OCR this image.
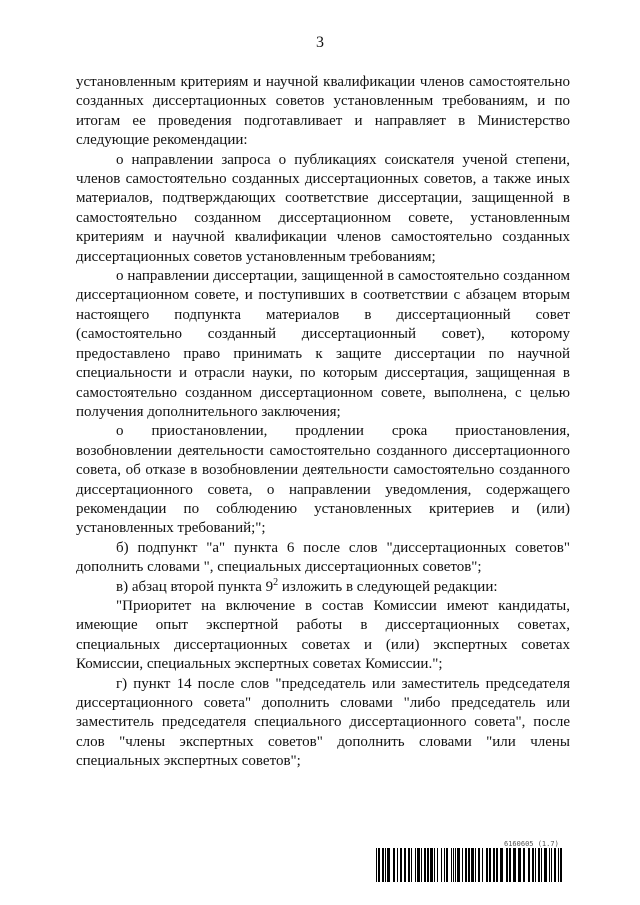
3

установленным критериям и научной квалификации членов самостоятельно созданных диссертационных советов установленным требованиям, и по итогам ее проведения подготавливает и направляет в Министерство следующие рекомендации:

о направлении запроса о публикациях соискателя ученой степени, членов самостоятельно созданных диссертационных советов, а также иных материалов, подтверждающих соответствие диссертации, защищенной в самостоятельно созданном диссертационном совете, установленным критериям и научной квалификации членов самостоятельно созданных диссертационных советов установленным требованиям;

о направлении диссертации, защищенной в самостоятельно созданном диссертационном совете, и поступивших в соответствии с абзацем вторым настоящего подпункта материалов в диссертационный совет (самостоятельно созданный диссертационный совет), которому предоставлено право принимать к защите диссертации по научной специальности и отрасли науки, по которым диссертация, защищенная в самостоятельно созданном диссертационном совете, выполнена, с целью получения дополнительного заключения;

о приостановлении, продлении срока приостановления, возобновлении деятельности самостоятельно созданного диссертационного совета, об отказе в возобновлении деятельности самостоятельно созданного диссертационного совета, о направлении уведомления, содержащего рекомендации по соблюдению установленных критериев и (или) установленных требований;";

б) подпункт "а" пункта 6 после слов "диссертационных советов" дополнить словами ", специальных диссертационных советов";

в) абзац второй пункта $9^2$ изложить в следующей редакции:

"Приоритет на включение в состав Комиссии имеют кандидаты, имеющие опыт экспертной работы в диссертационных советах, специальных диссертационных советах и (или) экспертных советах Комиссии, специальных экспертных советах Комиссии.";

г) пункт 14 после слов "председатель или заместитель председателя диссертационного совета" дополнить словами "либо председатель или заместитель председателя специального диссертационного совета", после слов "члены экспертных советов" дополнить словами "или члены специальных экспертных советов";

6160605 (1.7)
